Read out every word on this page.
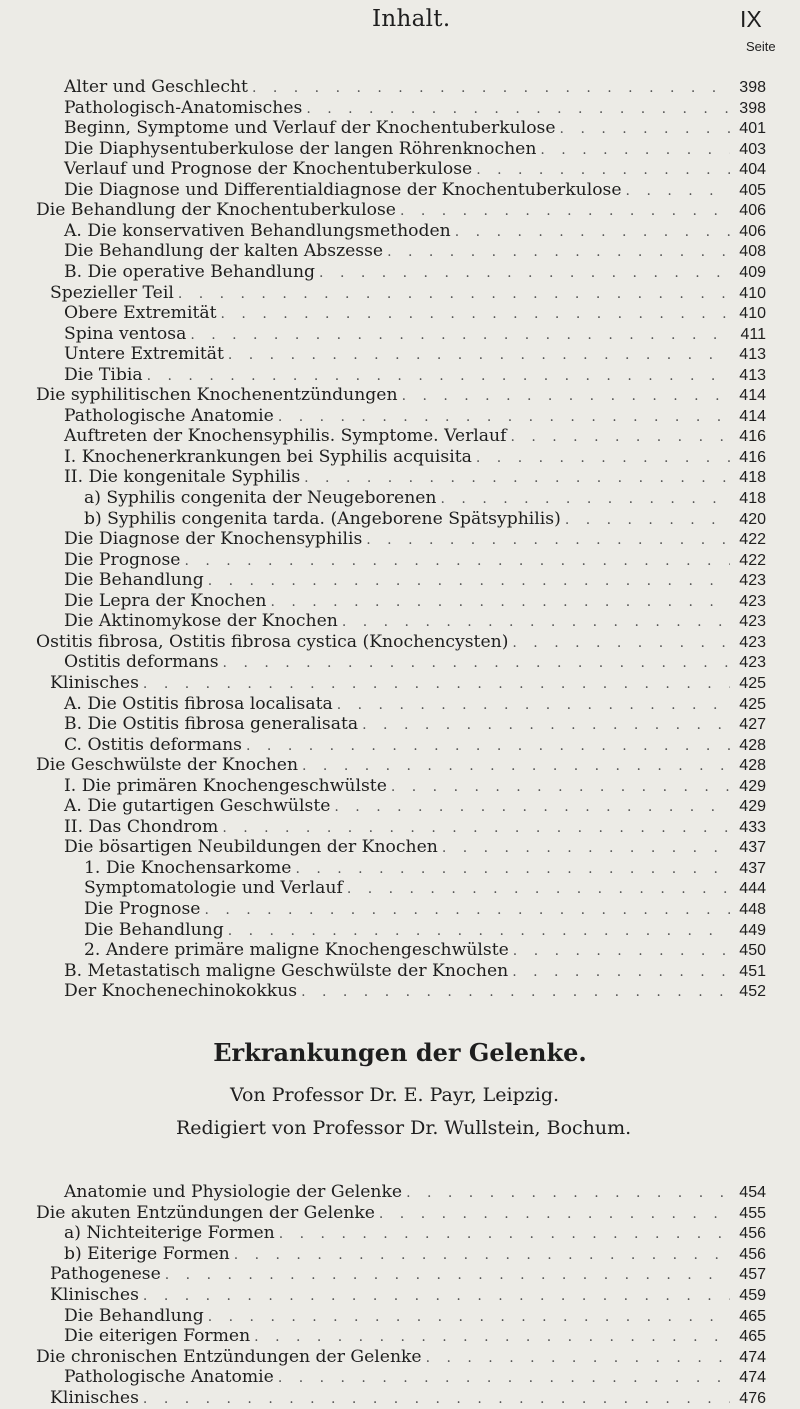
Inhalt.	IX
Seite
Alter und Geschlecht . . .	398
Pathologisch-Anatomisches . . .	398
Beginn, Symptome und Verlauf der Knochentuberkulose . . .	401
Die Diaphysentuberkulose der langen Röhrenknochen . . .	403
Verlauf und Prognose der Knochentuberkulose . . .	404
Die Diagnose und Differentialdiagnose der Knochentuberkulose . . .	405
Die Behandlung der Knochentuberkulose . . .	406
A. Die konservativen Behandlungsmethoden . . .	406
Die Behandlung der kalten Abszesse . . .	408
B. Die operative Behandlung . . .	409
Spezieller Teil . . .	410
Obere Extremität . . .	410
Spina ventosa . . .	411
Untere Extremität . . .	413
Die Tibia . . .	413
Die syphilitischen Knochenentzündungen . . .	414
Pathologische Anatomie . . .	414
Auftreten der Knochensyphilis. Symptome. Verlauf . . .	416
I. Knochenerkrankungen bei Syphilis acquisita . . .	416
II. Die kongenitale Syphilis . . .	418
a) Syphilis congenita der Neugeborenen . . .	418
b) Syphilis congenita tarda. (Angeborene Spätsyphilis) . . .	420
Die Diagnose der Knochensyphilis . . .	422
Die Prognose . . .	422
Die Behandlung . . .	423
Die Lepra der Knochen . . .	423
Die Aktinomykose der Knochen . . .	423
Ostitis fibrosa, Ostitis fibrosa cystica (Knochencysten) . . .	423
Ostitis deformans . . .	423
Klinisches . . .	425
A. Die Ostitis fibrosa localisata . . .	425
B. Die Ostitis fibrosa generalisata . . .	427
C. Ostitis deformans . . .	428
Die Geschwülste der Knochen . . .	428
I. Die primären Knochengeschwülste . . .	429
A. Die gutartigen Geschwülste . . .	429
II. Das Chondrom . . .	433
Die bösartigen Neubildungen der Knochen . . .	437
1. Die Knochensarkome . . .	437
Symptomatologie und Verlauf . . .	444
Die Prognose . . .	448
Die Behandlung . . .	449
2. Andere primäre maligne Knochengeschwülste . . .	450
B. Metastatisch maligne Geschwülste der Knochen . . .	451
Der Knochenechinokokkus . . .	452
Erkrankungen der Gelenke.
Von Professor Dr. E. Payr, Leipzig.
Redigiert von Professor Dr. Wullstein, Bochum.
Anatomie und Physiologie der Gelenke . . .	454
Die akuten Entzündungen der Gelenke . . .	455
a) Nichteiterige Formen . . .	456
b) Eiterige Formen . . .	456
Pathogenese . . .	457
Klinisches . . .	459
Die Behandlung . . .	465
Die eiterigen Formen . . .	465
Die chronischen Entzündungen der Gelenke . . .	474
Pathologische Anatomie . . .	474
Klinisches . . .	476
